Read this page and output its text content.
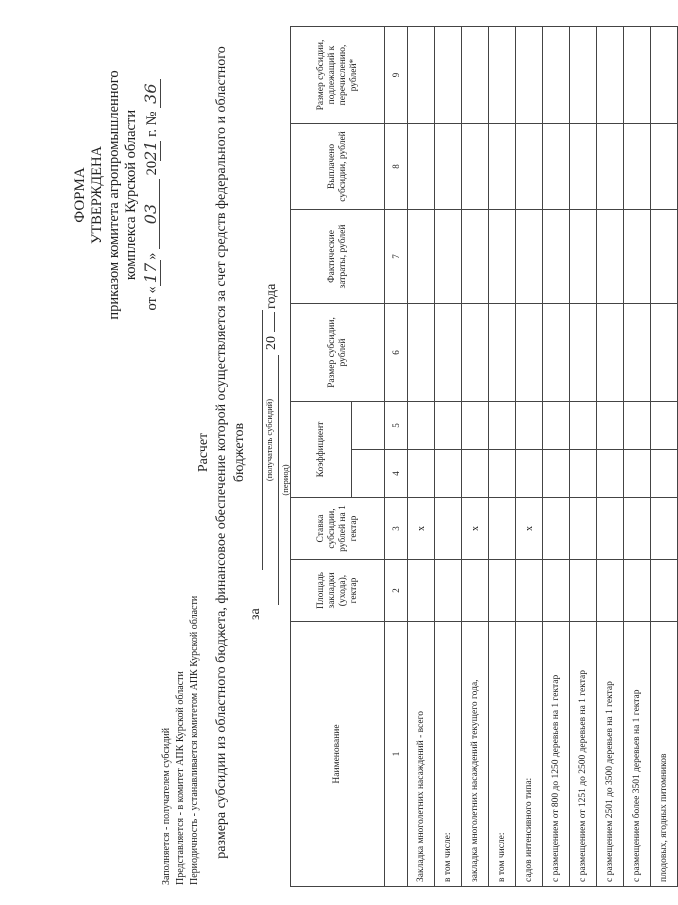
Заполняется - получателем субсидий Представляется - в комитет АПК Курской области Периодичность - устанавливается комитетом АПК Курской области
ФОРМА УТВЕРЖДЕНА приказом комитета агропромышленного комплекса Курской области
от «17» 03 2021 г. № 36
Расчет размера субсидии из областного бюджета, финансовое обеспечение которой осуществляется за счет средств федерального и областного бюджетов (получатель субсидий)
за
(период)
20  года
Наименование	Площадь закладки (ухода), гектар	Ставка субсидии, рублей на 1 гектар	Коэффициент		Размер субсидии, рублей	Фактические затраты, рублей	Выплачено субсидии, рублей	Размер субсидии, подлежащий к перечислению, рублей*

1	2	3	4	5	6	7	8	9
Закладка многолетних насаждений - всего		х						
в том числе:								
закладка многолетних насаждений текущего года,		х						
в том числе:								
садов интенсивного типа:		х						
с размещением от 800 до 1250 деревьев на 1 гектар								
с размещением от 1251 до 2500 деревьев на 1 гектар								
с размещением 2501 до 3500 деревьев на 1 гектар								
с размещением более 3501 деревьев на 1 гектар								
плодовых, ягодных питомников								
